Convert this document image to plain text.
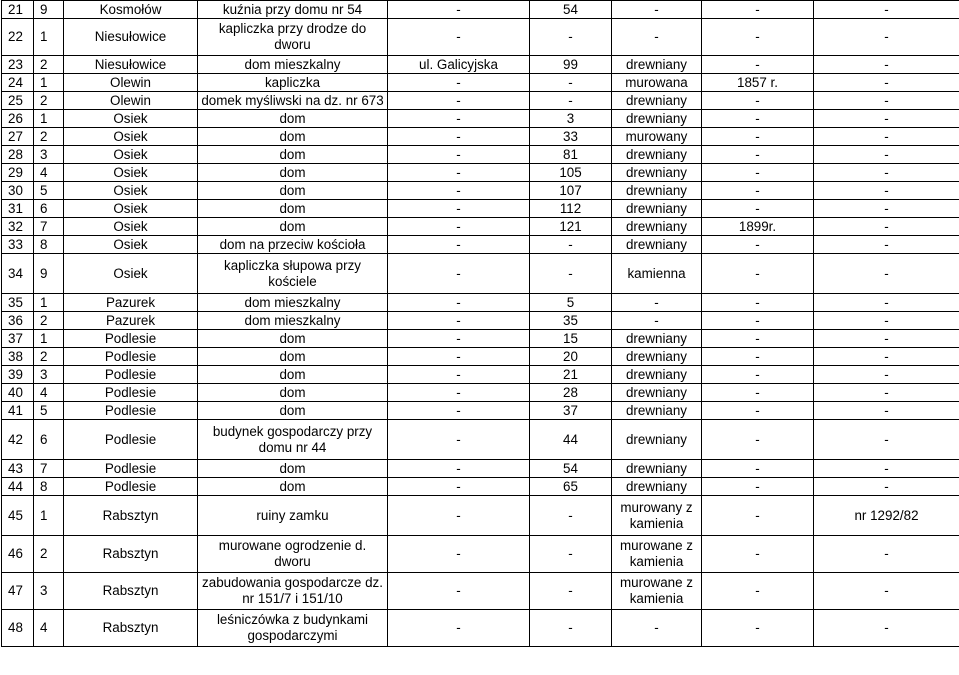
21	9	Kosmołów	kuźnia przy domu nr 54	-	54	-	-	-
22	1	Niesułowice	kapliczka przy drodze do dworu	-	-	-	-	-
23	2	Niesułowice	dom mieszkalny	ul. Galicyjska	99	drewniany	-	-
24	1	Olewin	kapliczka	-	-	murowana	1857 r.	-
25	2	Olewin	domek myśliwski na dz. nr 673	-	-	drewniany	-	-
26	1	Osiek	dom	-	3	drewniany	-	-
27	2	Osiek	dom	-	33	murowany	-	-
28	3	Osiek	dom	-	81	drewniany	-	-
29	4	Osiek	dom	-	105	drewniany	-	-
30	5	Osiek	dom	-	107	drewniany	-	-
31	6	Osiek	dom	-	112	drewniany	-	-
32	7	Osiek	dom	-	121	drewniany	1899r.	-
33	8	Osiek	dom na przeciw kościoła	-	-	drewniany	-	-
34	9	Osiek	kapliczka słupowa przy kościele	-	-	kamienna	-	-
35	1	Pazurek	dom mieszkalny	-	5	-	-	-
36	2	Pazurek	dom mieszkalny	-	35	-	-	-
37	1	Podlesie	dom	-	15	drewniany	-	-
38	2	Podlesie	dom	-	20	drewniany	-	-
39	3	Podlesie	dom	-	21	drewniany	-	-
40	4	Podlesie	dom	-	28	drewniany	-	-
41	5	Podlesie	dom	-	37	drewniany	-	-
42	6	Podlesie	budynek gospodarczy przy domu nr 44	-	44	drewniany	-	-
43	7	Podlesie	dom	-	54	drewniany	-	-
44	8	Podlesie	dom	-	65	drewniany	-	-
45	1	Rabsztyn	ruiny zamku	-	-	murowany z kamienia	-	nr 1292/82
46	2	Rabsztyn	murowane ogrodzenie d. dworu	-	-	murowane z kamienia	-	-
47	3	Rabsztyn	zabudowania gospodarcze dz. nr 151/7 i 151/10	-	-	murowane z kamienia	-	-
48	4	Rabsztyn	leśniczówka z budynkami gospodarczymi	-	-	-	-	-
